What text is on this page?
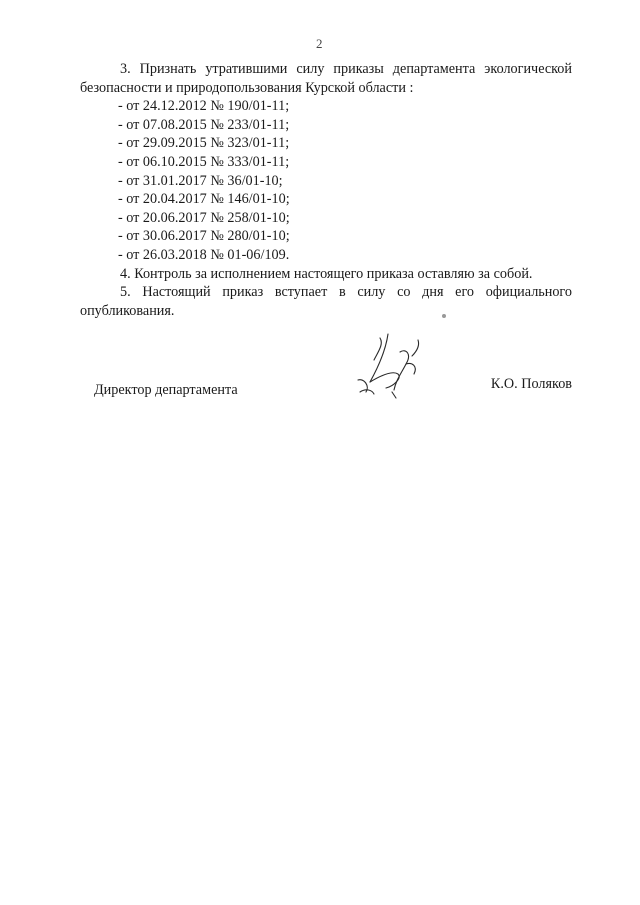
2

3. Признать утратившими силу приказы департамента экологической безопасности и природопользования Курской области :

- от 24.12.2012 № 190/01-11;
- от 07.08.2015 № 233/01-11;
- от 29.09.2015 № 323/01-11;
- от 06.10.2015 № 333/01-11;
- от 31.01.2017 № 36/01-10;
- от 20.04.2017 № 146/01-10;
- от 20.06.2017 № 258/01-10;
- от 30.06.2017 № 280/01-10;
- от 26.03.2018 № 01-06/109.

4. Контроль за исполнением настоящего приказа оставляю за собой.

5. Настоящий приказ вступает в силу со дня его официального опубликования.

Директор департамента	К.О. Поляков
